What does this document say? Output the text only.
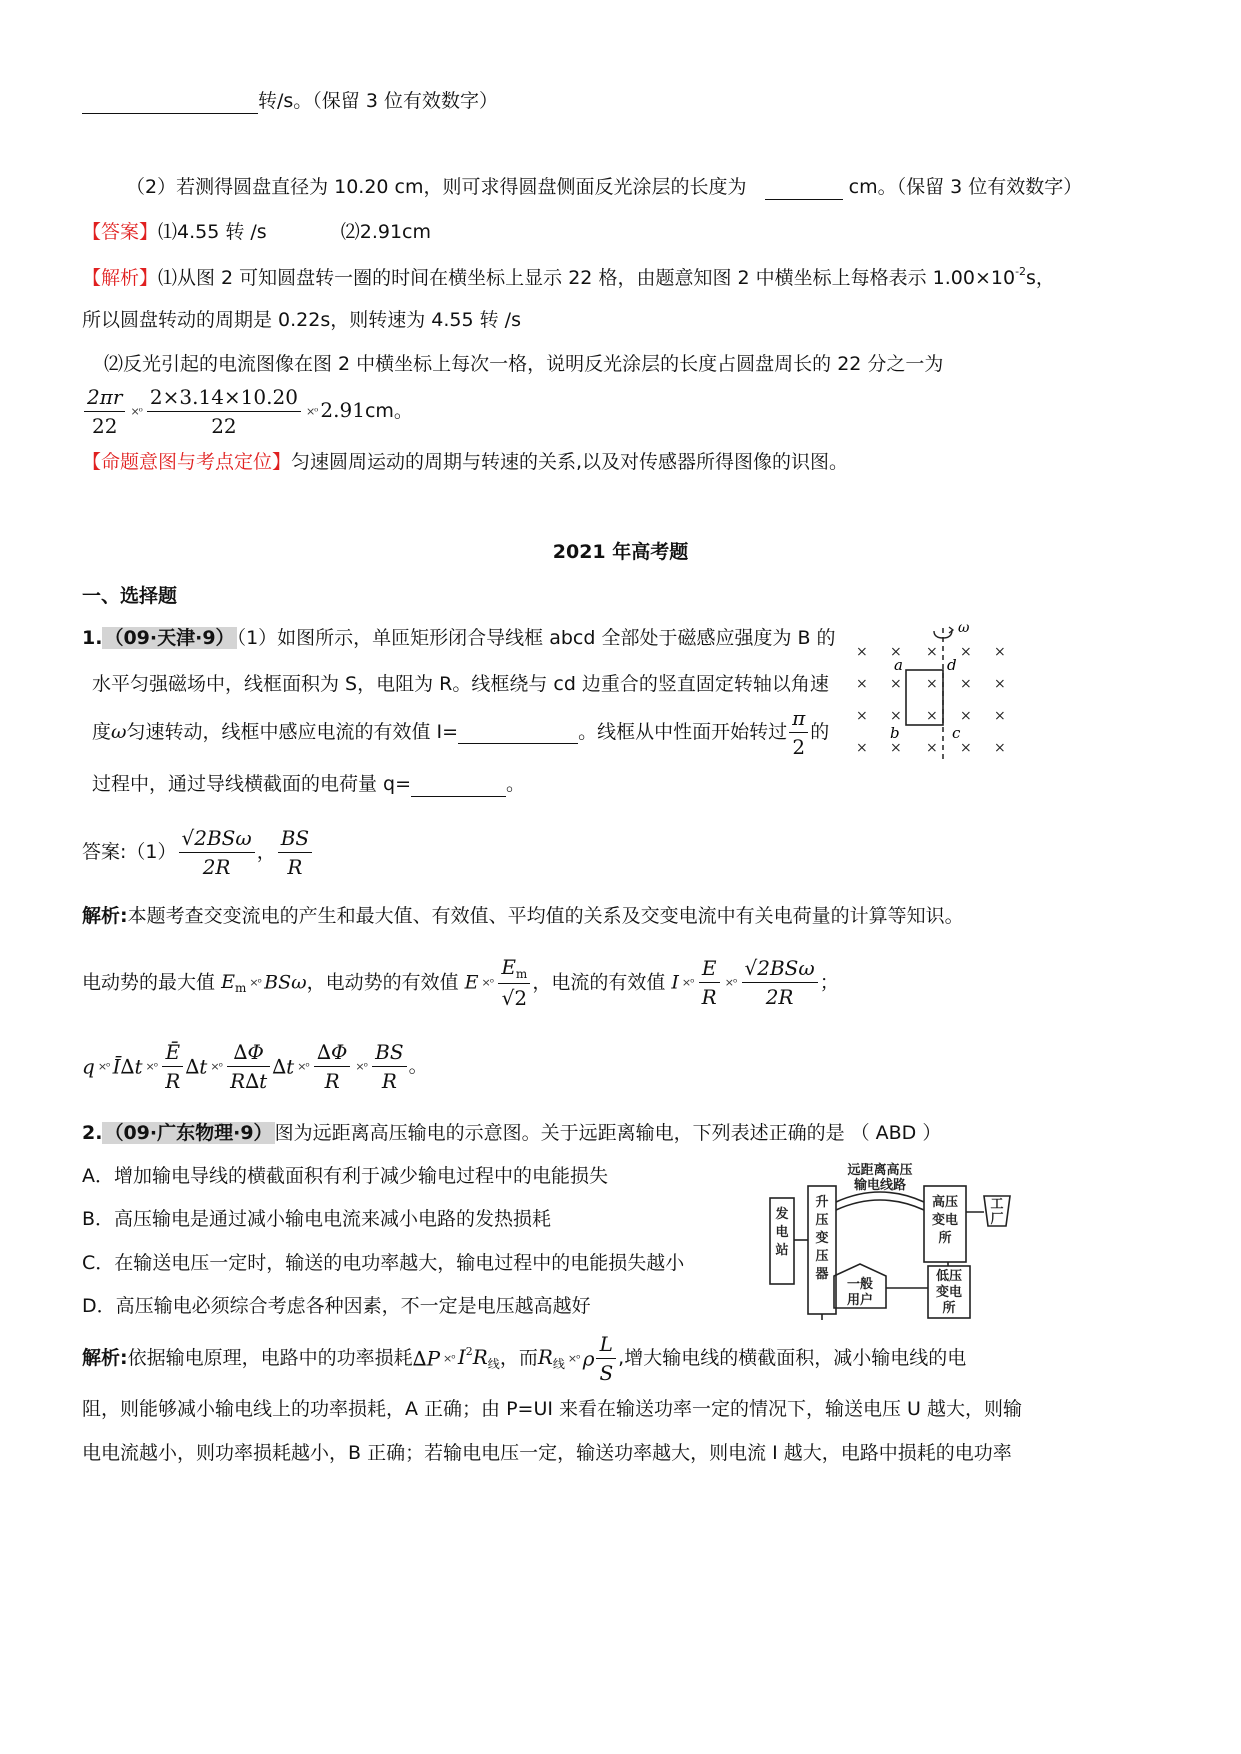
转/s。（保留 3 位有效数字）
（2）若测得圆盘直径为 10.20 cm，则可求得圆盘侧面反光涂层的长度为	cm。（保留 3 位有效数字）
【答案】⑴4.55 转 /s	⑵2.91cm
【解析】⑴从图 2 可知圆盘转一圈的时间在横坐标上显示 22 格，由题意知图 2 中横坐标上每格表示 $1.00\times 10^{-2}s$，
所以圆盘转动的周期是 0.22s，则转速为 4.55 转 /s
⑵反光引起的电流图像在图 2 中横坐标上每次一格，说明反光涂层的长度占圆盘周长的 22 分之一为
$\frac{2\pi r}{22}$ ×ᵒ $\frac{2\times 3.14\times 10.20}{22}$ ×ᵒ 2.91cm。
【命题意图与考点定位】匀速圆周运动的周期与转速的关系,以及对传感器所得图像的识图。
2021 年高考题
一、选择题
1. （09·天津·9） （1）如图所示，单匝矩形闭合导线框 abcd 全部处于磁感应强度为 B 的
水平匀强磁场中，线框面积为 S，电阻为 R。线框绕与 cd 边重合的竖直固定转轴以角速
度ω匀速转动，线框中感应电流的有效值 I=	。线框从中性面开始转过 $\frac{\pi}{2}$ 的
过程中，通过导线横截面的电荷量 q=	。
× × × × ×
× × × × ×
× × × × ×
× × × × ×
ω
a	d
b	c
答案:（1） $\frac{\text{√2BSω}}{2R}$ ， $\frac{BS}{R}$
解析:本题考查交变流电的产生和最大值、有效值、平均值的关系及交变电流中有关电荷量的计算等知识。
电动势的最大值 $E_m$ ×ᵒ BSω，电动势的有效值 E ×ᵒ $\frac{E_m}{√2}$ ，电流的有效值 I ×ᵒ $\frac{E}{R}$ ×ᵒ $\frac{\text{√2BSω}}{2R}$ ；
q ×ᵒ Ī∆t ×ᵒ $\frac{Ē}{R} \Delta t$ ×ᵒ $\frac{\Delta\Phi}{R\Delta t} \Delta t$ ×ᵒ $\frac{\Delta\Phi}{R}$ ×ᵒ $\frac{BS}{R}$ 。
2. （09·广东物理·9） 图为远距离高压输电的示意图。关于远距离输电，下列表述正确的是 （ ABD ）
A．增加输电导线的横截面积有利于减少输电过程中的电能损失
B．高压输电是通过减小输电电流来减小电路的发热损耗
C．在输送电压一定时，输送的电功率越大，输电过程中的电能损失越小
D．高压输电必须综合考虑各种因素，不一定是电压越高越好
远距离高压
输电线路
发
电
站
升
压
变
压
器
高压
变电
所
工
厂
一般
用户
低压
变电
所
解析:依据输电原理，电路中的功率损耗∆P ×ᵒ $I^2R_线$，而$R_线$ ×ᵒ ρ $\frac{L}{S}$ ,增大输电线的横截面积，减小输电线的电
阻，则能够减小输电线上的功率损耗，A 正确；由 P=UI 来看在输送功率一定的情况下，输送电压 U 越大，则输
电电流越小，则功率损耗越小，B 正确；若输电电压一定，输送功率越大，则电流 I 越大，电路中损耗的电功率
